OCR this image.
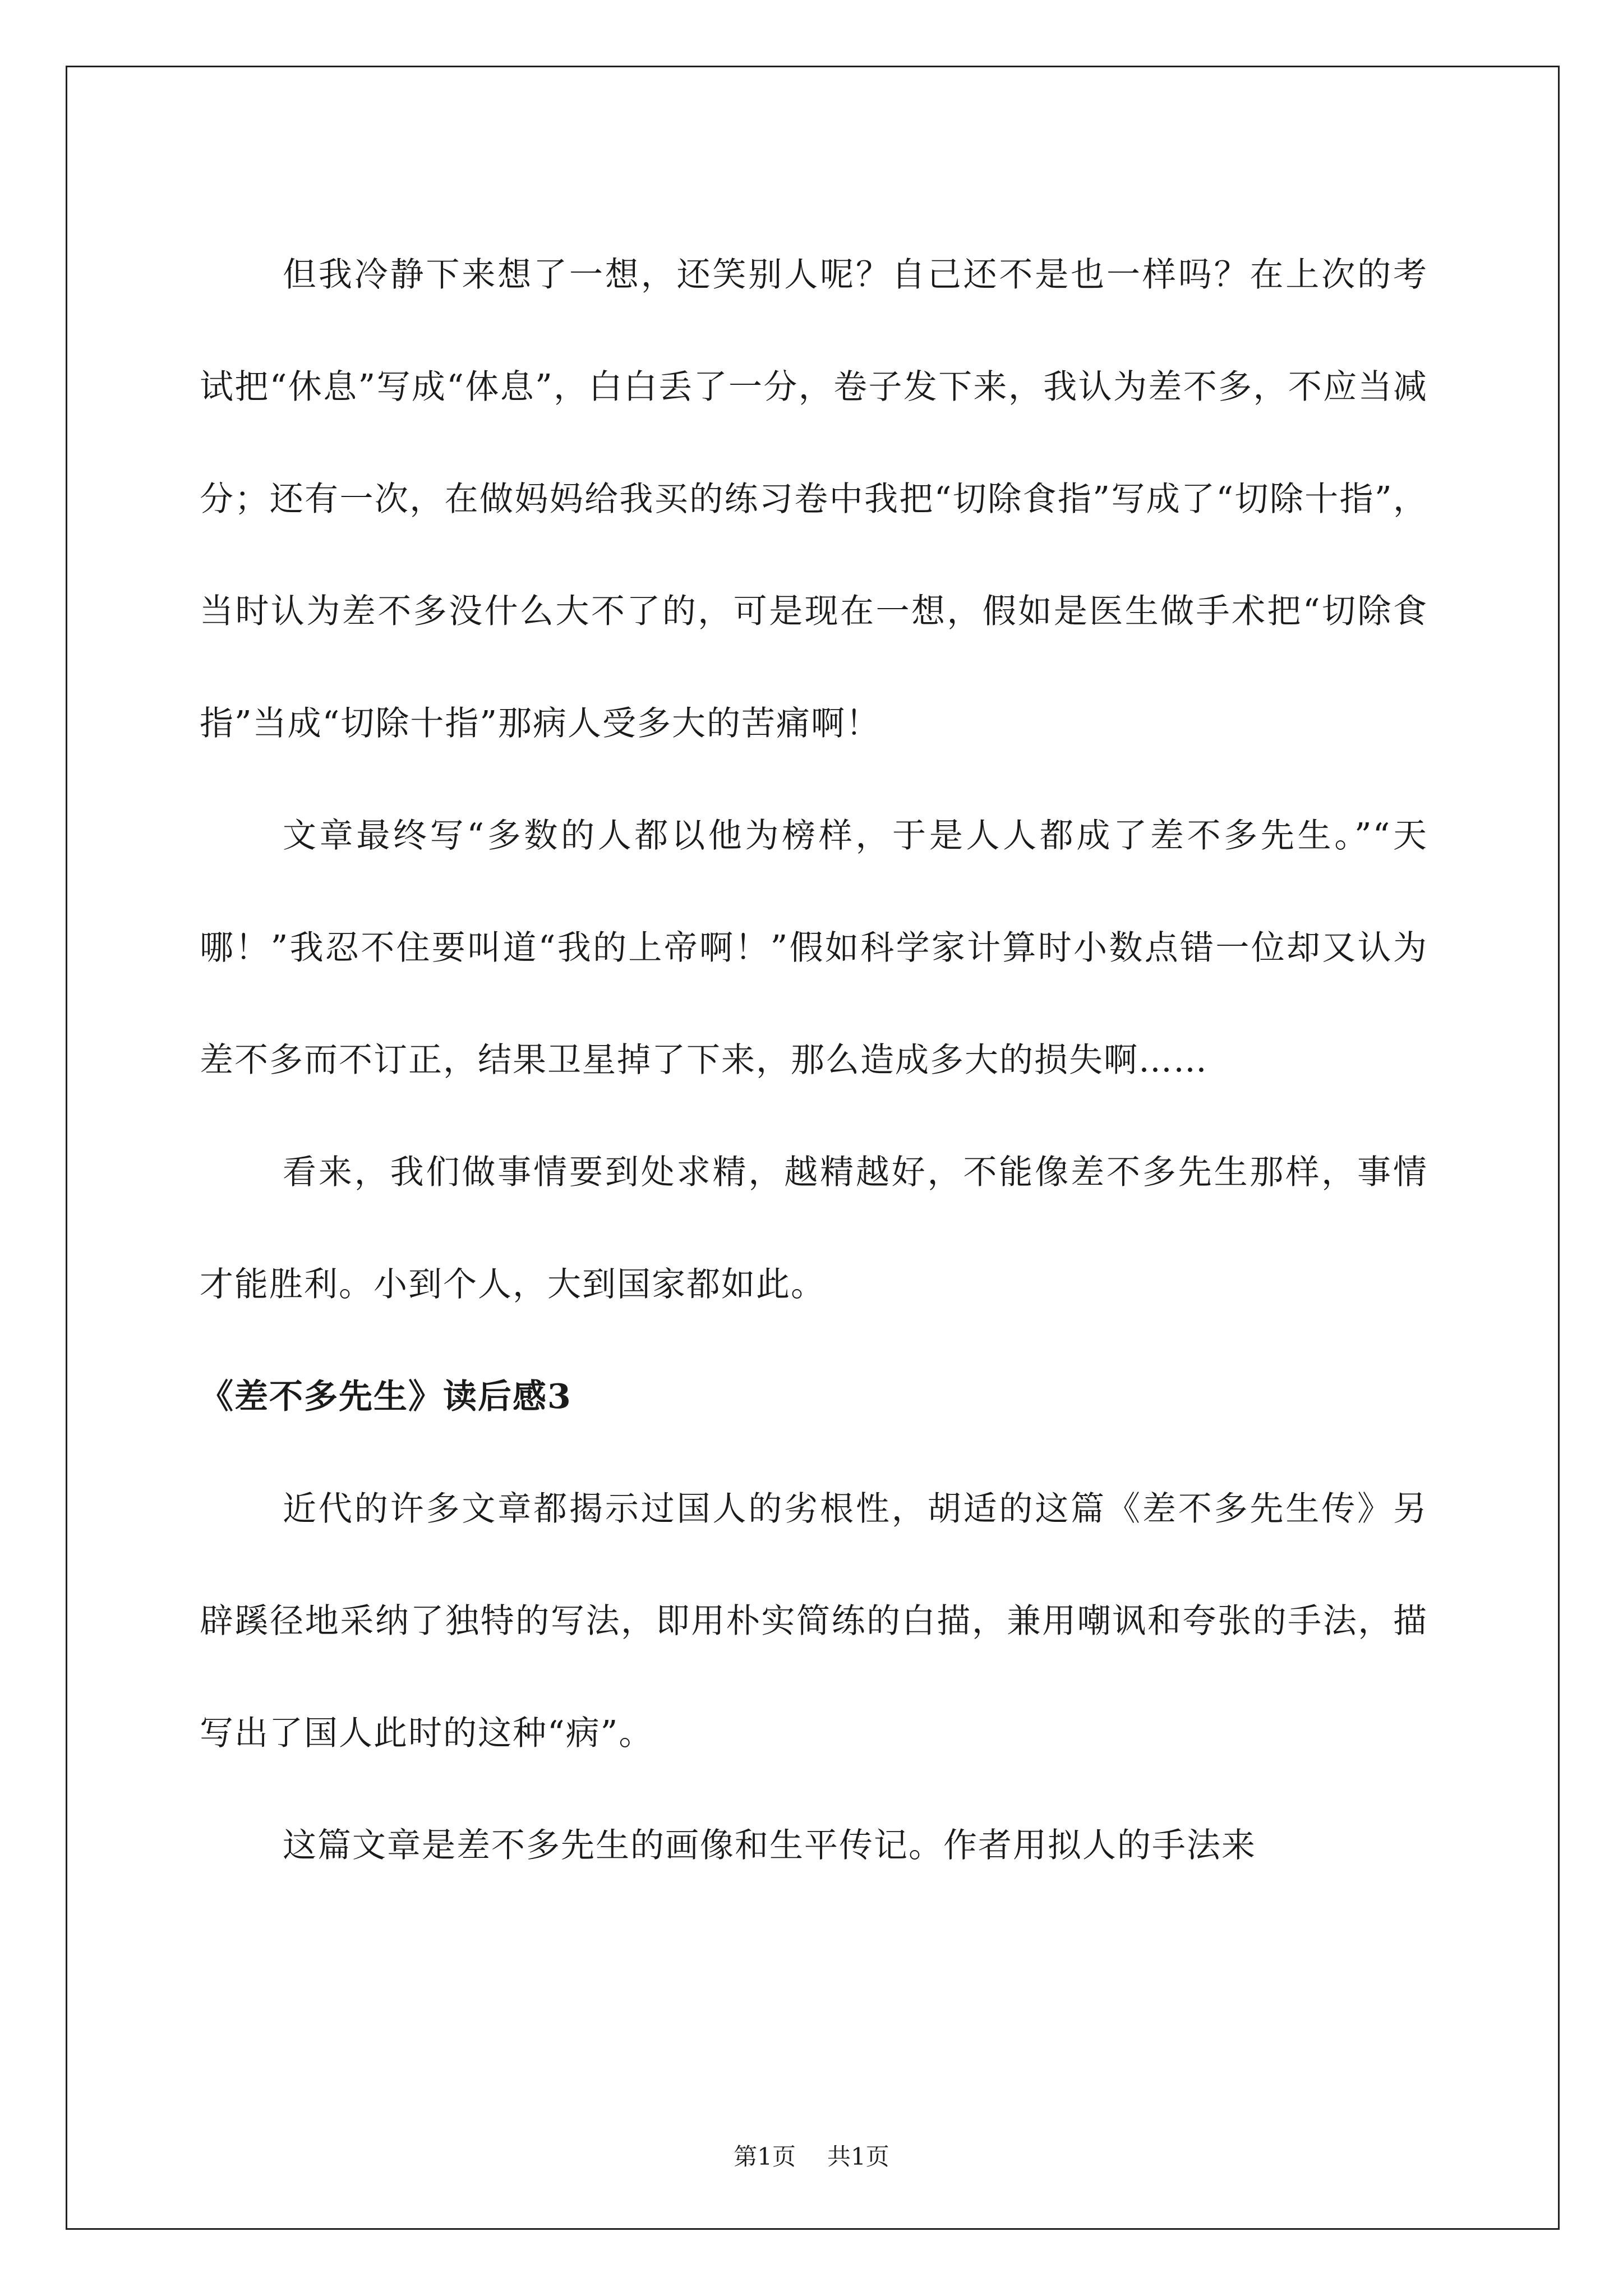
但我冷静下来想了一想，还笑别人呢？自己还不是也一样吗？在上次的考试把“休息”写成“体息”，白白丢了一分，卷子发下来，我认为差不多，不应当减分；还有一次，在做妈妈给我买的练习卷中我把“切除食指”写成了“切除十指”，当时认为差不多没什么大不了的，可是现在一想，假如是医生做手术把“切除食指”当成“切除十指”那病人受多大的苦痛啊！

文章最终写“多数的人都以他为榜样，于是人人都成了差不多先生。”“天哪！”我忍不住要叫道“我的上帝啊！”假如科学家计算时小数点错一位却又认为差不多而不订正，结果卫星掉了下来，那么造成多大的损失啊……

看来，我们做事情要到处求精，越精越好，不能像差不多先生那样，事情才能胜利。小到个人，大到国家都如此。

《差不多先生》读后感3

近代的许多文章都揭示过国人的劣根性，胡适的这篇《差不多先生传》另辟蹊径地采纳了独特的写法，即用朴实简练的白描，兼用嘲讽和夸张的手法，描写出了国人此时的这种“病”。

这篇文章是差不多先生的画像和生平传记。作者用拟人的手法来

第1页 共1页
